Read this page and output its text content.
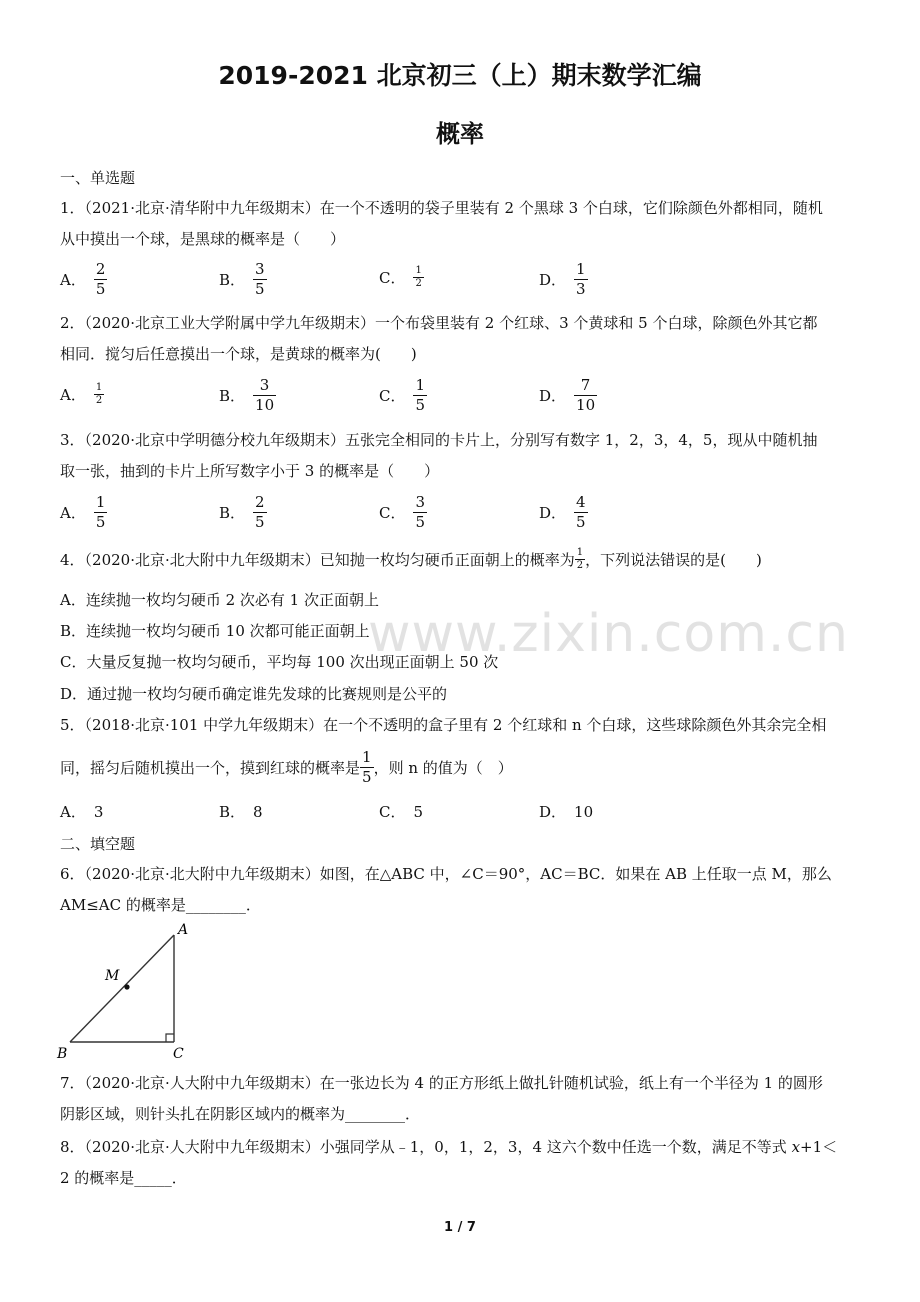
2019-2021 北京初三（上）期末数学汇编
概率
一、单选题
1．（2021·北京·清华附中九年级期末）在一个不透明的袋子里装有 2 个黑球 3 个白球，它们除颜色外都相同，随机
从中摸出一个球，是黑球的概率是（　　）
A． $\frac{2}{5}$	B． $\frac{3}{5}$	C． $\frac{1}{2}$	D． $\frac{1}{3}$
2．（2020·北京工业大学附属中学九年级期末）一个布袋里装有 2 个红球、3 个黄球和 5 个白球，除颜色外其它都
相同．搅匀后任意摸出一个球，是黄球的概率为(　　)
A． $\frac{1}{2}$	B． $\frac{3}{10}$	C． $\frac{1}{5}$	D． $\frac{7}{10}$
3．（2020·北京中学明德分校九年级期末）五张完全相同的卡片上，分别写有数字 1，2，3，4，5，现从中随机抽
取一张，抽到的卡片上所写数字小于 3 的概率是（　　）
A． $\frac{1}{5}$	B． $\frac{2}{5}$	C． $\frac{3}{5}$	D． $\frac{4}{5}$
4．（2020·北京·北大附中九年级期末）已知抛一枚均匀硬币正面朝上的概率为 $\frac{1}{2}$ ，下列说法错误的是(　　)
A．连续抛一枚均匀硬币 2 次必有 1 次正面朝上
B．连续抛一枚均匀硬币 10 次都可能正面朝上
C．大量反复抛一枚均匀硬币，平均每 100 次出现正面朝上 50 次
D．通过抛一枚均匀硬币确定谁先发球的比赛规则是公平的
www.zixin.com.cn
5．（2018·北京·101 中学九年级期末）在一个不透明的盒子里有 2 个红球和 n 个白球，这些球除颜色外其余完全相
同，摇匀后随机摸出一个，摸到红球的概率是 $\frac{1}{5}$ ，则 n 的值为（　）
A． 3	B． 8	C． 5	D． 10
二、填空题
6．（2020·北京·北大附中九年级期末）如图，在△ABC 中，∠C＝90°，AC＝BC．如果在 AB 上任取一点 M，那么
AM≤AC 的概率是________．
A
M
B	C
7．（2020·北京·人大附中九年级期末）在一张边长为 4 的正方形纸上做扎针随机试验，纸上有一个半径为 1 的圆形
阴影区域，则针头扎在阴影区域内的概率为________．
8．（2020·北京·人大附中九年级期末）小强同学从﹣1，0，1，2，3，4 这六个数中任选一个数，满足不等式 x+1＜
2 的概率是_____．
1 / 7
